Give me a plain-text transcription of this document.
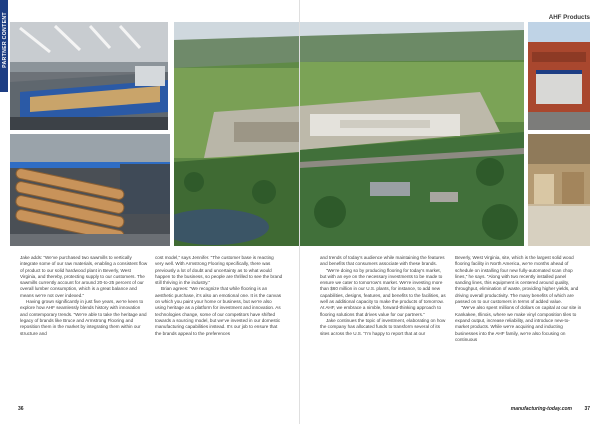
PARTNER CONTENT

Jake adds: “We’ve purchased two sawmills to vertically integrate some of our raw materials, enabling a consistent flow of product to our solid hardwood plant in Beverly, West Virginia, and thereby, protecting supply to our customers. The sawmills currently account for around 20-to-25 percent of our overall lumber consumption, which is a great balance and means we’re not over indexed.”

Having grown significantly in just five years, we’re keen to explore how AHF seamlessly blends history with innovation and contemporary trends. “We’re able to take the heritage and legacy of brands like Bruce and Armstrong Flooring and reposition them in the market by integrating them within our structure and

cost model,” says Jennifer. “The customer base is reacting very well. With Armstrong Flooring specifically, there was previously a lot of doubt and uncertainty as to what would happen to the business, so people are thrilled to see the brand still thriving in the industry.”

Brian agrees: “We recognize that while flooring is an aesthetic purchase, it’s also an emotional one. It is the canvas on which you paint your home or business, but we’re also using heritage as a platform for investment and innovation. As technologies change, some of our competitors have shifted towards a sourcing model, but we’ve invested in our domestic manufacturing capabilities instead. It’s our job to ensure that the brands appeal to the preferences

36
AHF Products

and trends of today’s audience while maintaining the features and benefits that consumers associate with these brands.

“We’re doing so by producing flooring for today’s market, but with an eye on the necessary investments to be made to ensure we cater to tomorrow’s market. We’re investing more than $60 million in our U.S. plants, for instance, to add new capabilities, designs, features, and benefits to the facilities, as well as additional capacity to make the products of tomorrow. At AHF, we embrace a nimble, forward-thinking approach to flooring solutions that drives value for our partners.”

Jake continues the topic of investment, elaborating on how the company has allocated funds to transform several of its sites across the U.S. “I’m happy to report that at our

Beverly, West Virginia, site, which is the largest solid wood flooring facility in North America, we’re months ahead of schedule on installing four new fully-automated scan chop lines,” he says. “Along with two recently installed panel sanding lines, this equipment is centered around quality, throughput, elimination of waste, providing higher yields, and driving overall productivity. The many benefits of which are passed on to our customers in terms of added value.

“We’ve also spent millions of dollars on capital at our site in Kankakee, Illinois, where we make vinyl composition tiles to expand output, increase reliability, and introduce new-to-market products. While we’re acquiring and inducting businesses into the AHF family, we’re also focusing on continuous

manufacturing-today.com 37
